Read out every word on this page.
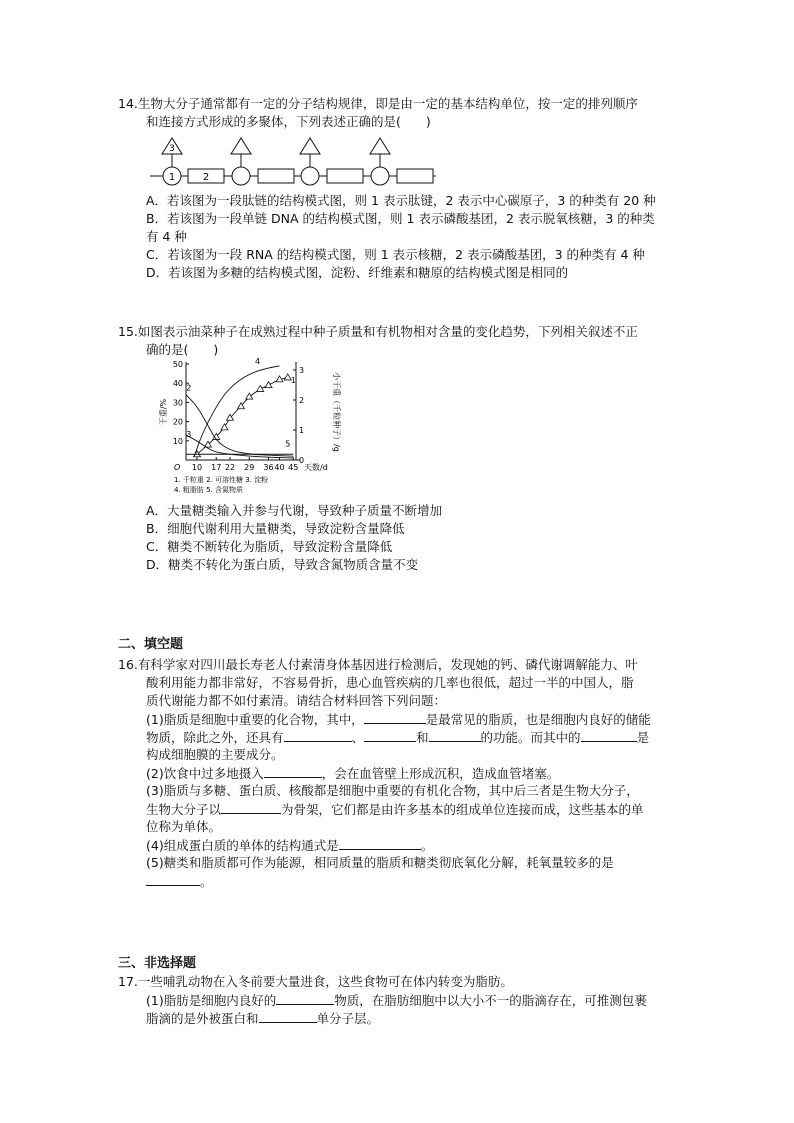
14.生物大分子通常都有一定的分子结构规律，即是由一定的基本结构单位，按一定的排列顺序
和连接方式形成的多聚体，下列表述正确的是(　　)
1	2
3
A．若该图为一段肽链的结构模式图，则 1 表示肽键，2 表示中心碳原子，3 的种类有 20 种
B．若该图为一段单链 DNA 的结构模式图，则 1 表示磷酸基团，2 表示脱氧核糖，3 的种类
有 4 种
C．若该图为一段 RNA 的结构模式图，则 1 表示核糖，2 表示磷酸基团，3 的种类有 4 种
D．若该图为多糖的结构模式图，淀粉、纤维素和糖原的结构模式图是相同的
15.如图表示油菜种子在成熟过程中种子质量和有机物相对含量的变化趋势，下列相关叙述不正
确的是(　　)
50
40
30
20
10
3
2
1
0
10 17 22 29 36 40 45
O	天数/d
干重/%	小干重（千粒种子）/g
1. 千粒重 2. 可溶性糖 3. 淀粉
4. 粗脂肪 5. 含氮物质
1
2
3
4
5
A．大量糖类输入并参与代谢，导致种子质量不断增加
B．细胞代谢利用大量糖类，导致淀粉含量降低
C．糖类不断转化为脂质，导致淀粉含量降低
D．糖类不转化为蛋白质，导致含氮物质含量不变
二、填空题
16.有科学家对四川最长寿老人付素清身体基因进行检测后，发现她的钙、磷代谢调解能力、叶
酸利用能力都非常好，不容易骨折，患心血管疾病的几率也很低，超过一半的中国人，脂
质代谢能力都不如付素清。请结合材料回答下列问题：
(1)脂质是细胞中重要的化合物，其中，	是最常见的脂质，也是细胞内良好的储能
物质，除此之外，还具有	、	和	的功能。而其中的	是
构成细胞膜的主要成分。
(2)饮食中过多地摄入	，会在血管壁上形成沉积，造成血管堵塞。
(3)脂质与多糖、蛋白质、核酸都是细胞中重要的有机化合物，其中后三者是生物大分子，
生物大分子以	为骨架，它们都是由许多基本的组成单位连接而成，这些基本的单
位称为单体。
(4)组成蛋白质的单体的结构通式是	。
(5)糖类和脂质都可作为能源，相同质量的脂质和糖类彻底氧化分解，耗氧量较多的是
。
三、非选择题
17.一些哺乳动物在入冬前要大量进食，这些食物可在体内转变为脂肪。
(1)脂肪是细胞内良好的	物质，在脂肪细胞中以大小不一的脂滴存在，可推测包裹
脂滴的是外被蛋白和	单分子层。
